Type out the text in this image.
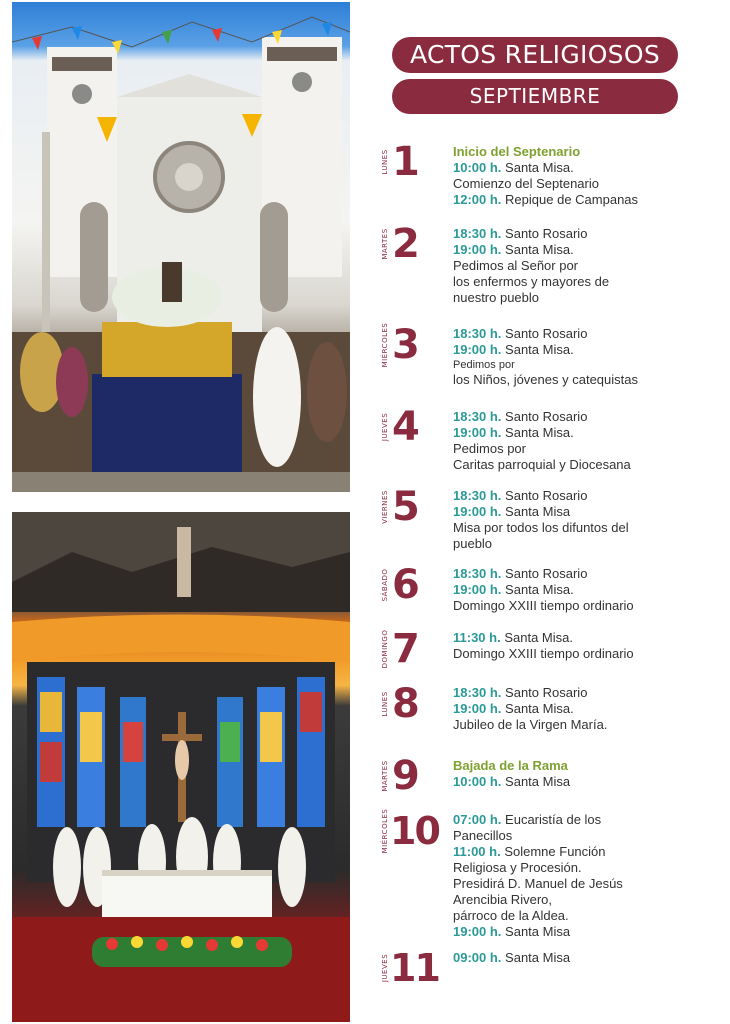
ACTOS RELIGIOSOS
SEPTIEMBRE
LUNES 1	Inicio del Septenario

10:00 h. Santa Misa.

Comienzo del Septenario

12:00 h. Repique de Campanas

MARTES 2	18:30 h. Santo Rosario

19:00 h. Santa Misa.

Pedimos al Señor por

los enfermos y mayores de

nuestro pueblo

MIÉRCOLES 3	18:30 h. Santo Rosario

19:00 h. Santa Misa.

Pedimos por

los Niños, jóvenes y catequistas

JUEVES 4	18:30 h. Santo Rosario

19:00 h. Santa Misa.

Pedimos por

Caritas parroquial y Diocesana

VIERNES 5	18:30 h. Santo Rosario

19:00 h. Santa Misa

Misa por todos los difuntos del

pueblo

SÁBADO 6	18:30 h. Santo Rosario

19:00 h. Santa Misa.

Domingo XXIII tiempo ordinario

DOMINGO 7	11:30 h. Santa Misa.

Domingo XXIII tiempo ordinario

LUNES 8	18:30 h. Santo Rosario

19:00 h. Santa Misa.

Jubileo de la Virgen María.

MARTES 9	Bajada de la Rama

10:00 h. Santa Misa

MIÉRCOLES 10 07:00 h. Eucaristía de los

Panecillos

11:00 h. Solemne Función

Religiosa y Procesión.

Presidirá D. Manuel de Jesús

Arencibia Rivero,

párroco de la Aldea.

19:00 h. Santa Misa

JUEVES 11 09:00 h. Santa Misa
